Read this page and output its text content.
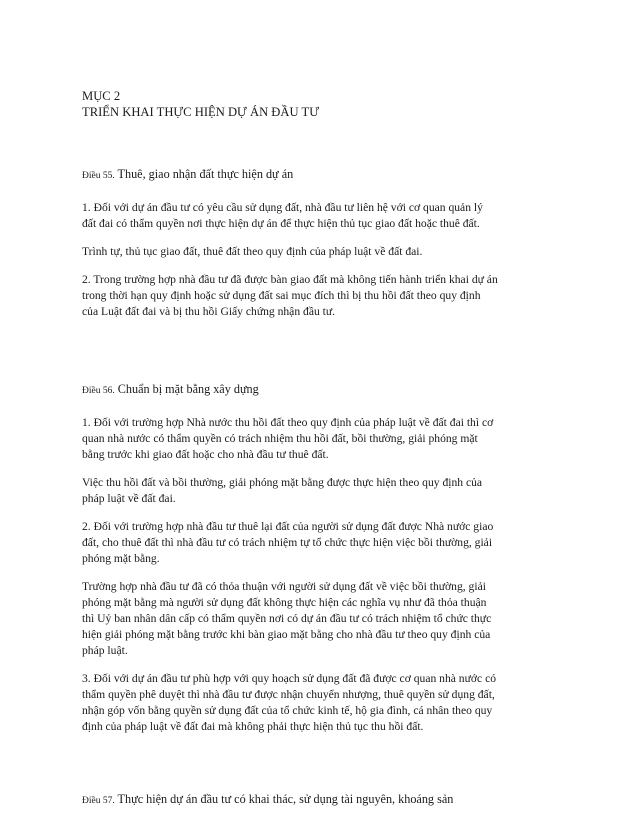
MỤC 2

TRIỂN KHAI THỰC HIỆN DỰ ÁN ĐẦU TƯ

Điều 55. Thuê, giao nhận đất thực hiện dự án

1. Đối với dự án đầu tư có yêu cầu sử dụng đất, nhà đầu tư liên hệ với cơ quan quản lý
đất đai có thẩm quyền nơi thực hiện dự án để thực hiện thủ tục giao đất hoặc thuê đất.

Trình tự, thủ tục giao đất, thuê đất theo quy định của pháp luật về đất đai.

2. Trong trường hợp nhà đầu tư đã được bàn giao đất mà không tiến hành triển khai dự án
trong thời hạn quy định hoặc sử dụng đất sai mục đích thì bị thu hồi đất theo quy định
của Luật đất đai và bị thu hồi Giấy chứng nhận đầu tư.

Điều 56. Chuẩn bị mặt bằng xây dựng

1. Đối với trường hợp Nhà nước thu hồi đất theo quy định của pháp luật về đất đai thì cơ
quan nhà nước có thẩm quyền có trách nhiệm thu hồi đất, bồi thường, giải phóng mặt
bằng trước khi giao đất hoặc cho nhà đầu tư thuê đất.

Việc thu hồi đất và bồi thường, giải phóng mặt bằng được thực hiện theo quy định của
pháp luật về đất đai.

2. Đối với trường hợp nhà đầu tư thuê lại đất của người sử dụng đất được Nhà nước giao
đất, cho thuê đất thì nhà đầu tư có trách nhiệm tự tổ chức thực hiện việc bồi thường, giải
phóng mặt bằng.

Trường hợp nhà đầu tư đã có thỏa thuận với người sử dụng đất về việc bồi thường, giải
phóng mặt bằng mà người sử dụng đất không thực hiện các nghĩa vụ như đã thỏa thuận
thì Uỷ ban nhân dân cấp có thẩm quyền nơi có dự án đầu tư có trách nhiệm tổ chức thực
hiện giải phóng mặt bằng trước khi bàn giao mặt bằng cho nhà đầu tư theo quy định của
pháp luật.

3. Đối với dự án đầu tư phù hợp với quy hoạch sử dụng đất đã được cơ quan nhà nước có
thẩm quyền phê duyệt thì nhà đầu tư được nhận chuyển nhượng, thuê quyền sử dụng đất,
nhận góp vốn bằng quyền sử dụng đất của tổ chức kinh tế, hộ gia đình, cá nhân theo quy
định của pháp luật về đất đai mà không phải thực hiện thủ tục thu hồi đất.

Điều 57. Thực hiện dự án đầu tư có khai thác, sử dụng tài nguyên, khoáng sản
